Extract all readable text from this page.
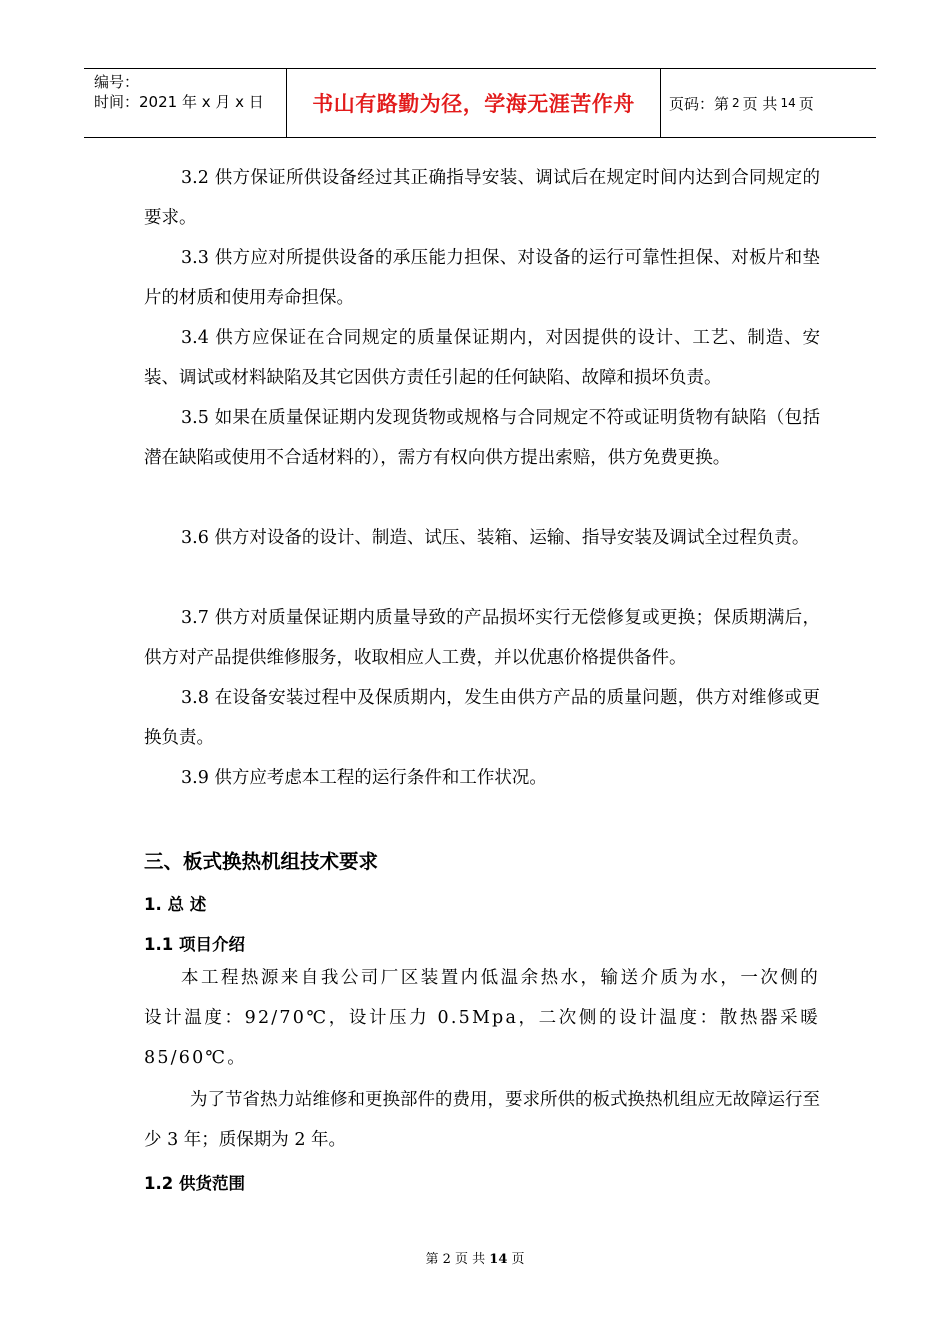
编号：
时间：2021 年 x 月 x 日	书山有路勤为径，学海无涯苦作舟 页码：第 2 页 共 14 页

3.2 供方保证所供设备经过其正确指导安装、调试后在规定时间内达到合同规定的要求。

3.3 供方应对所提供设备的承压能力担保、对设备的运行可靠性担保、对板片和垫片的材质和使用寿命担保。

3.4 供方应保证在合同规定的质量保证期内，对因提供的设计、工艺、制造、安装、调试或材料缺陷及其它因供方责任引起的任何缺陷、故障和损坏负责。

3.5 如果在质量保证期内发现货物或规格与合同规定不符或证明货物有缺陷（包括潜在缺陷或使用不合适材料的），需方有权向供方提出索赔，供方免费更换。

3.6 供方对设备的设计、制造、试压、装箱、运输、指导安装及调试全过程负责。

3.7 供方对质量保证期内质量导致的产品损坏实行无偿修复或更换；保质期满后，供方对产品提供维修服务，收取相应人工费，并以优惠价格提供备件。

3.8 在设备安装过程中及保质期内，发生由供方产品的质量问题，供方对维修或更换负责。

3.9 供方应考虑本工程的运行条件和工作状况。

三、板式换热机组技术要求
1. 总 述
1.1 项目介绍

本工程热源来自我公司厂区装置内低温余热水，输送介质为水，一次侧的设计温度：92/70℃，设计压力 0.5Mpa，二次侧的设计温度：散热器采暖85/60℃。

为了节省热力站维修和更换部件的费用，要求所供的板式换热机组应无故障运行至少 3 年；质保期为 2 年。

1.2 供货范围
第 2 页 共 14 页
